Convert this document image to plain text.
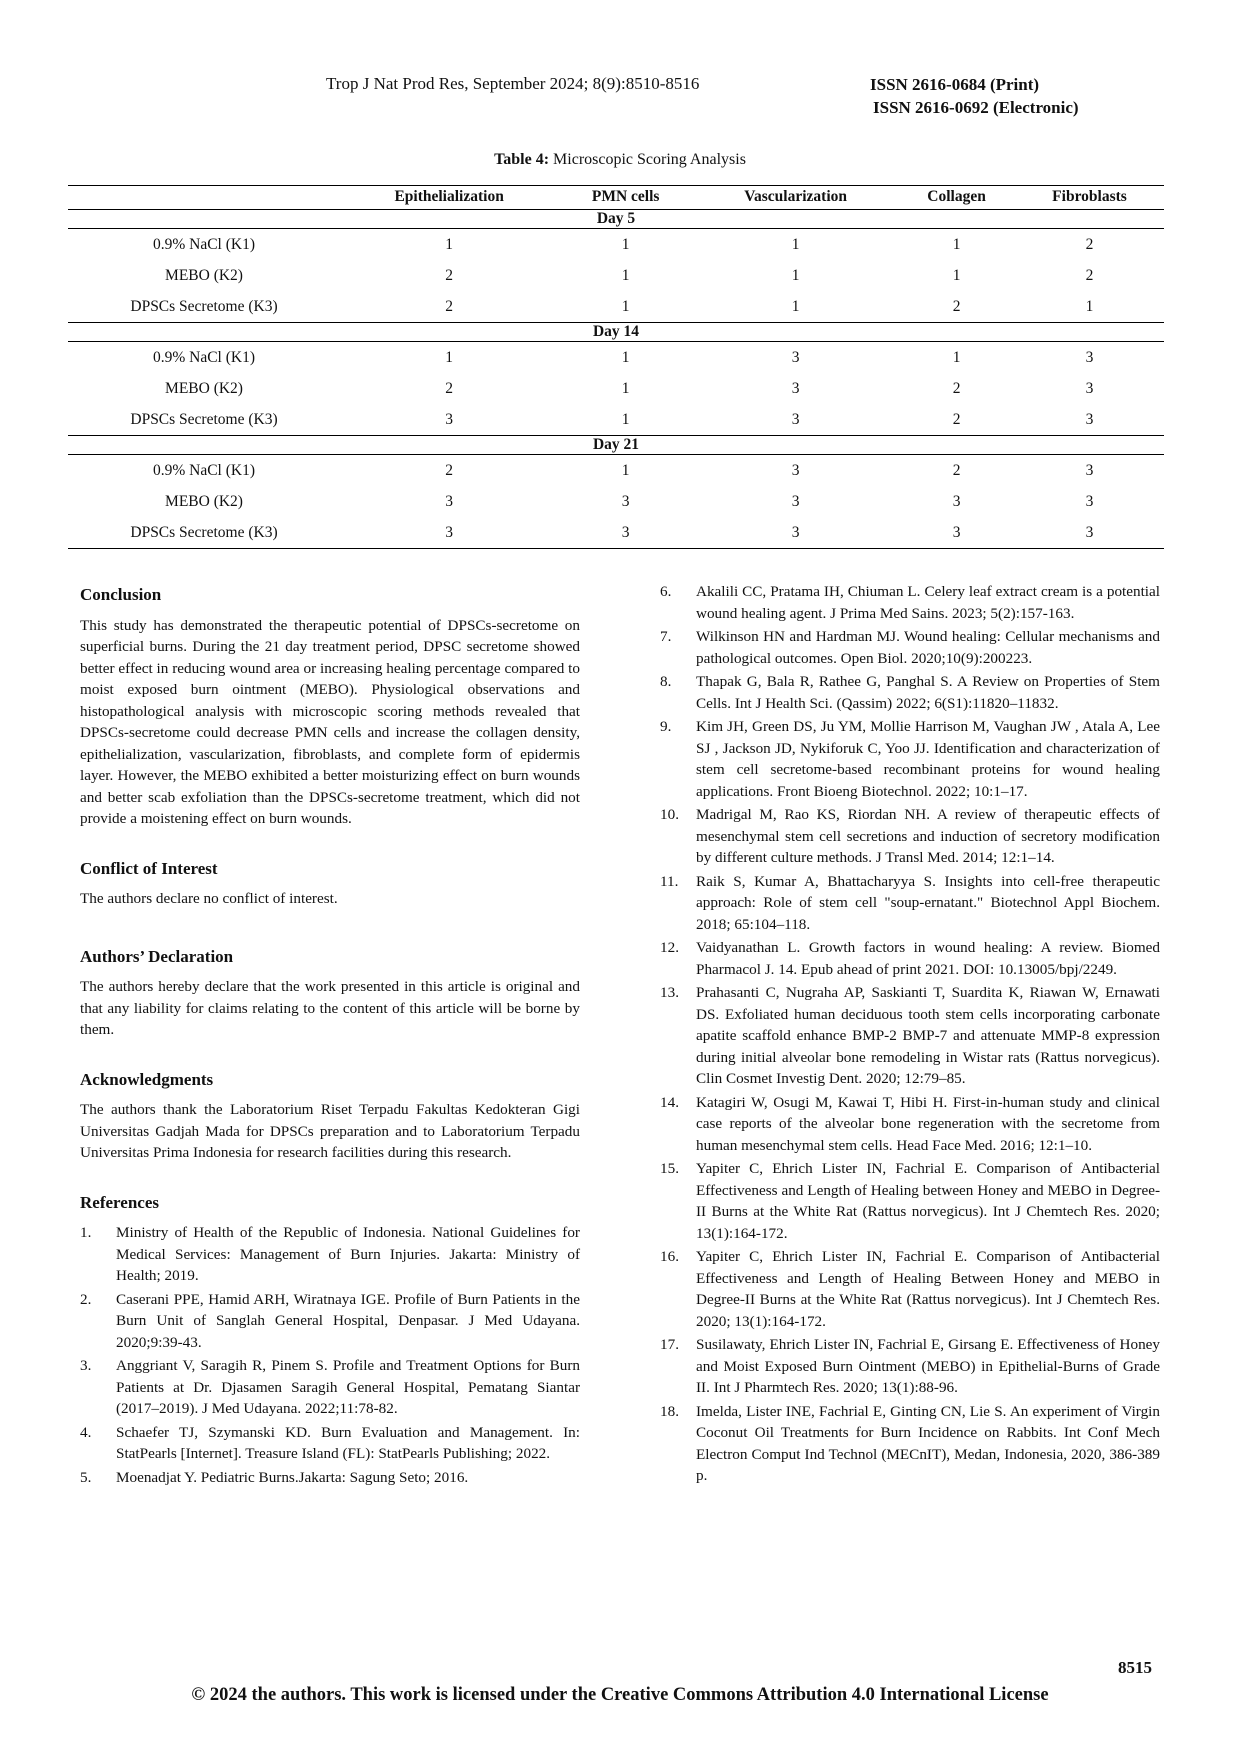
Trop J Nat Prod Res, September 2024; 8(9):8510-8516	ISSN 2616-0684 (Print)
ISSN 2616-0692 (Electronic)
Table 4: Microscopic Scoring Analysis
	Epithelialization	PMN cells	Vascularization	Collagen	Fibroblasts
Day 5					
0.9% NaCl (K1)	1	1	1	1	2
MEBO (K2)	2	1	1	1	2
DPSCs Secretome (K3)	2	1	1	2	1
Day 14					
0.9% NaCl (K1)	1	1	3	1	3
MEBO (K2)	2	1	3	2	3
DPSCs Secretome (K3)	3	1	3	2	3
Day 21					
0.9% NaCl (K1)	2	1	3	2	3
MEBO (K2)	3	3	3	3	3
DPSCs Secretome (K3)	3	3	3	3	3
Conclusion

This study has demonstrated the therapeutic potential of DPSCs-secretome on superficial burns. During the 21 day treatment period, DPSC secretome showed better effect in reducing wound area or increasing healing percentage compared to moist exposed burn ointment (MEBO). Physiological observations and histopathological analysis with microscopic scoring methods revealed that DPSCs-secretome could decrease PMN cells and increase the collagen density, epithelialization, vascularization, fibroblasts, and complete form of epidermis layer. However, the MEBO exhibited a better moisturizing effect on burn wounds and better scab exfoliation than the DPSCs-secretome treatment, which did not provide a moistening effect on burn wounds.

Conflict of Interest

The authors declare no conflict of interest.

Authors’ Declaration

The authors hereby declare that the work presented in this article is original and that any liability for claims relating to the content of this article will be borne by them.

Acknowledgments

The authors thank the Laboratorium Riset Terpadu Fakultas Kedokteran Gigi Universitas Gadjah Mada for DPSCs preparation and to Laboratorium Terpadu Universitas Prima Indonesia for research facilities during this research.

References
1.	Ministry of Health of the Republic of Indonesia. National Guidelines for Medical Services: Management of Burn Injuries. Jakarta: Ministry of Health; 2019.
2.	Caserani PPE, Hamid ARH, Wiratnaya IGE. Profile of Burn Patients in the Burn Unit of Sanglah General Hospital, Denpasar. J Med Udayana. 2020;9:39-43.
3.	Anggriant V, Saragih R, Pinem S. Profile and Treatment Options for Burn Patients at Dr. Djasamen Saragih General Hospital, Pematang Siantar (2017–2019). J Med Udayana. 2022;11:78-82.
4.	Schaefer TJ, Szymanski KD. Burn Evaluation and Management. In: StatPearls [Internet]. Treasure Island (FL): StatPearls Publishing; 2022.
5.	Moenadjat Y. Pediatric Burns.Jakarta: Sagung Seto; 2016.
6.	Akalili CC, Pratama IH, Chiuman L. Celery leaf extract cream is a potential wound healing agent. J Prima Med Sains. 2023; 5(2):157-163.
7.	Wilkinson HN and Hardman MJ. Wound healing: Cellular mechanisms and pathological outcomes. Open Biol. 2020;10(9):200223.
8.	Thapak G, Bala R, Rathee G, Panghal S. A Review on Properties of Stem Cells. Int J Health Sci. (Qassim) 2022; 6(S1):11820–11832.
9.	Kim JH, Green DS, Ju YM, Mollie Harrison M, Vaughan JW , Atala A, Lee SJ , Jackson JD, Nykiforuk C, Yoo JJ. Identification and characterization of stem cell secretome-based recombinant proteins for wound healing applications. Front Bioeng Biotechnol. 2022; 10:1–17.
10.	Madrigal M, Rao KS, Riordan NH. A review of therapeutic effects of mesenchymal stem cell secretions and induction of secretory modification by different culture methods. J Transl Med. 2014; 12:1–14.
11.	Raik S, Kumar A, Bhattacharyya S. Insights into cell-free therapeutic approach: Role of stem cell "soup-ernatant." Biotechnol Appl Biochem. 2018; 65:104–118.
12.	Vaidyanathan L. Growth factors in wound healing: A review. Biomed Pharmacol J. 14. Epub ahead of print 2021. DOI: 10.13005/bpj/2249.
13.	Prahasanti C, Nugraha AP, Saskianti T, Suardita K, Riawan W, Ernawati DS. Exfoliated human deciduous tooth stem cells incorporating carbonate apatite scaffold enhance BMP-2 BMP-7 and attenuate MMP-8 expression during initial alveolar bone remodeling in Wistar rats (Rattus norvegicus). Clin Cosmet Investig Dent. 2020; 12:79–85.
14.	Katagiri W, Osugi M, Kawai T, Hibi H. First-in-human study and clinical case reports of the alveolar bone regeneration with the secretome from human mesenchymal stem cells. Head Face Med. 2016; 12:1–10.
15.	Yapiter C, Ehrich Lister IN, Fachrial E. Comparison of Antibacterial Effectiveness and Length of Healing between Honey and MEBO in Degree-II Burns at the White Rat (Rattus norvegicus). Int J Chemtech Res. 2020; 13(1):164-172.
16.	Yapiter C, Ehrich Lister IN, Fachrial E. Comparison of Antibacterial Effectiveness and Length of Healing Between Honey and MEBO in Degree-II Burns at the White Rat (Rattus norvegicus). Int J Chemtech Res. 2020; 13(1):164-172.
17.	Susilawaty, Ehrich Lister IN, Fachrial E, Girsang E. Effectiveness of Honey and Moist Exposed Burn Ointment (MEBO) in Epithelial-Burns of Grade II. Int J Pharmtech Res. 2020; 13(1):88-96.
18.	Imelda, Lister INE, Fachrial E, Ginting CN, Lie S. An experiment of Virgin Coconut Oil Treatments for Burn Incidence on Rabbits. Int Conf Mech Electron Comput Ind Technol (MECnIT), Medan, Indonesia, 2020, 386-389 p.
8515
© 2024 the authors. This work is licensed under the Creative Commons Attribution 4.0 International License
